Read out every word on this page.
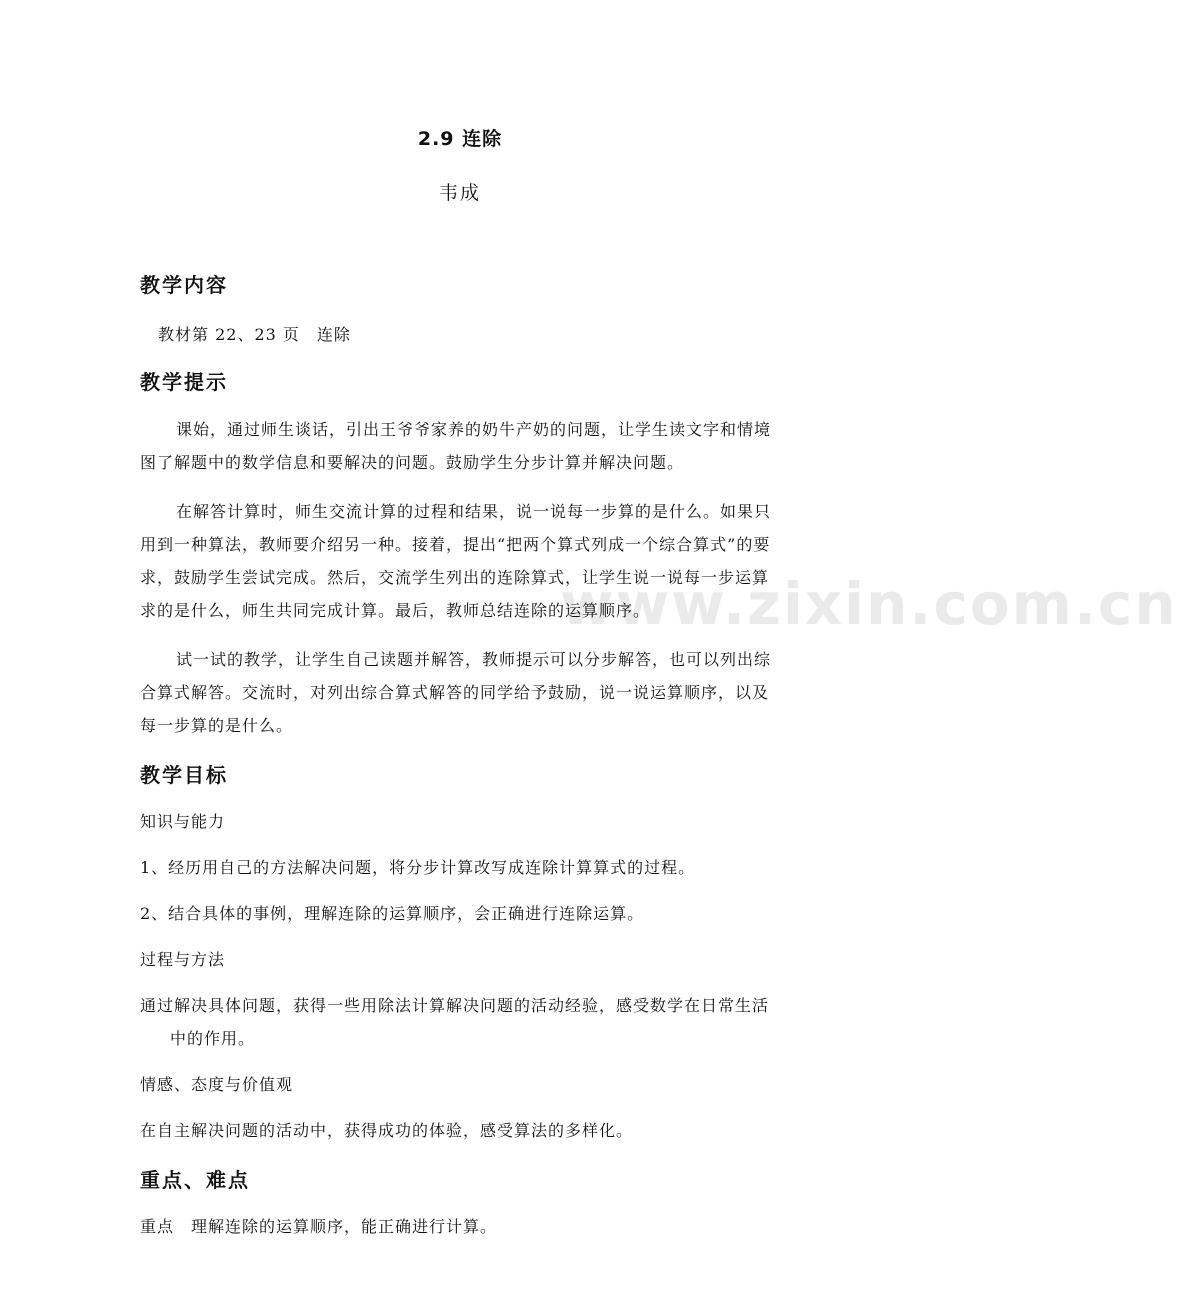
2.9 连除
韦成
www.zixin.com.cn
教学内容

教材第 22、23 页　连除

教学提示

课始，通过师生谈话，引出王爷爷家养的奶牛产奶的问题，让学生读文字和情境图了解题中的数学信息和要解决的问题。鼓励学生分步计算并解决问题。

在解答计算时，师生交流计算的过程和结果，说一说每一步算的是什么。如果只用到一种算法，教师要介绍另一种。接着，提出“把两个算式列成一个综合算式”的要求，鼓励学生尝试完成。然后，交流学生列出的连除算式，让学生说一说每一步运算求的是什么，师生共同完成计算。最后，教师总结连除的运算顺序。

试一试的教学，让学生自己读题并解答，教师提示可以分步解答，也可以列出综合算式解答。交流时，对列出综合算式解答的同学给予鼓励，说一说运算顺序，以及每一步算的是什么。

教学目标

知识与能力

1、经历用自己的方法解决问题，将分步计算改写成连除计算算式的过程。

2、结合具体的事例，理解连除的运算顺序，会正确进行连除运算。

过程与方法

通过解决具体问题，获得一些用除法计算解决问题的活动经验，感受数学在日常生活中的作用。

情感、态度与价值观

在自主解决问题的活动中，获得成功的体验，感受算法的多样化。

重点、难点

重点　理解连除的运算顺序，能正确进行计算。
